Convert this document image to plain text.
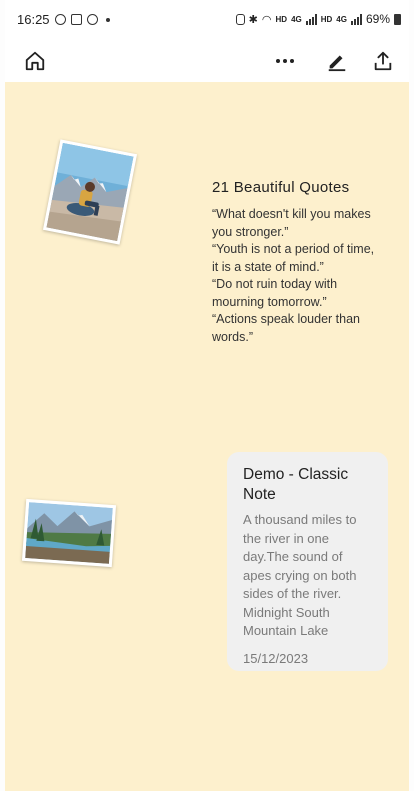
16:25	✱ ◠ HD 4G HD 4G 69%
21 Beautiful Quotes

“What doesn't kill you makes

you stronger.”

“Youth is not a period of time,

it is a state of mind.”

“Do not ruin today with

mourning tomorrow.”

“Actions speak louder than

words.”

Demo - Classic Note

A thousand miles to the river in one day.The sound of apes crying on both sides of the river. Midnight South Mountain Lake

15/12/2023
